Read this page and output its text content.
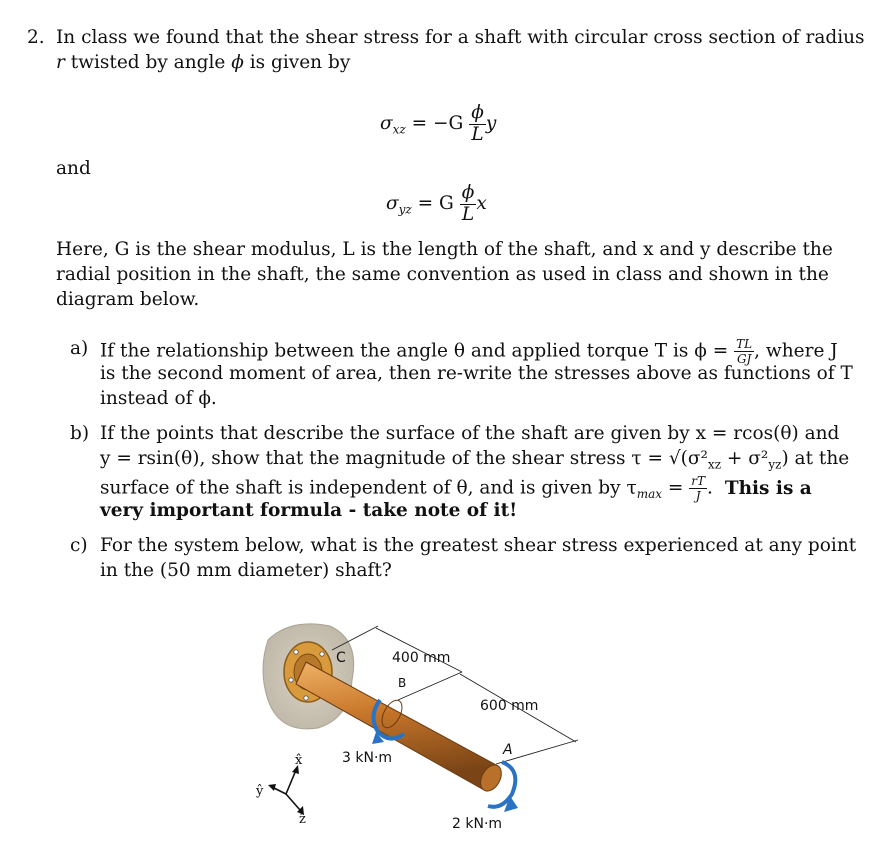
2. In class we found that the shear stress for a shaft with circular cross section of radius
r twisted by angle ϕ is given by
$\sigma_{xz} = -G \frac{\phi}{L}$ y
and
$\sigma_{yz} = G \frac{\phi}{L}$ x
Here, G is the shear modulus, L is the length of the shaft, and x and y describe the
radial position in the shaft, the same convention as used in class and shown in the
diagram below.
a) If the relationship between the angle θ and applied torque T is $\phi = \frac{TL}{GJ}$ , where J
is the second moment of area, then re-write the stresses above as functions of T
instead of ϕ.
b) If the points that describe the surface of the shaft are given by x = rcos(θ) and
y = rsin(θ), show that the magnitude of the shear stress $\tau = √(\sigma^2_{xz} + \sigma^2_{yz})$ at the
surface of the shaft is independent of θ, and is given by $\tau_{max} = \frac{rT}{J}$ . This is a
very important formula - take note of it!
c) For the system below, what is the greatest shear stress experienced at any point
in the (50 mm diameter) shaft?
400 mm
600 mm
C
B
A
3 kN·m
2 kN·m
x̂
ŷ
ẑ
